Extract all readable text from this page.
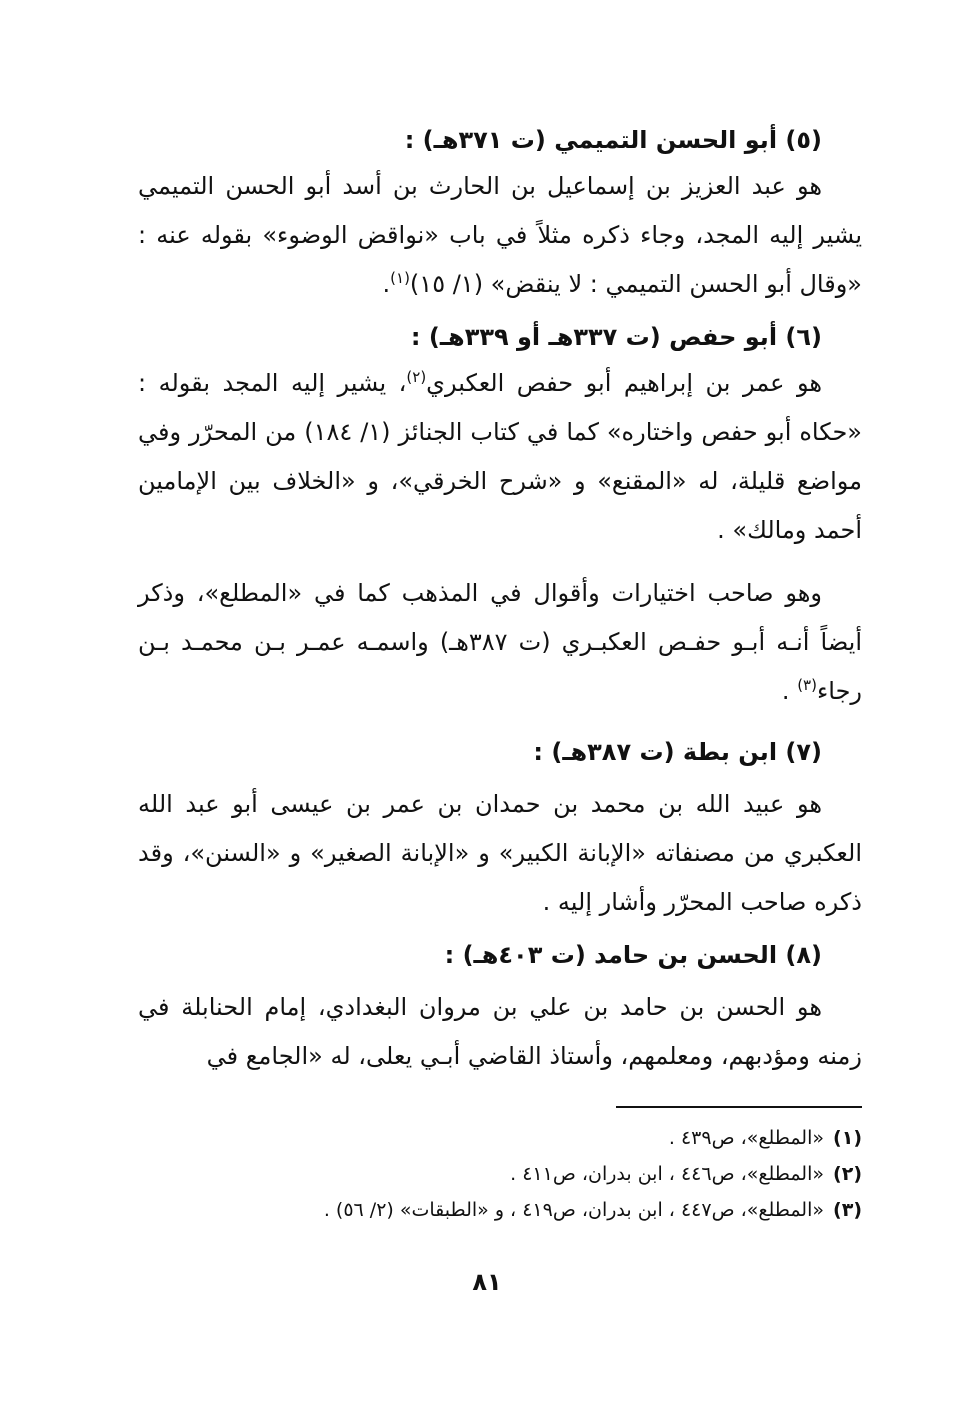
(٥) أبو الحسن التميمي (ت ٣٧١هـ) :

هو عبد العزيز بن إسماعيل بن الحارث بن أسد أبو الحسن التميمي يشير إليه المجد، وجاء ذكره مثلاً في باب «نواقض الوضوء» بقوله عنه : «وقال أبو الحسن التميمي : لا ينقض» (١/ ١٥)$^{(١)}$.

(٦) أبو حفص (ت ٣٣٧هـ أو ٣٣٩هـ) :

هو عمر بن إبراهيم أبو حفص العكبري$^{(٢)}$، يشير إليه المجد بقوله : «حكاه أبو حفص واختاره» كما في كتاب الجنائز (١/ ١٨٤) من المحرّر وفي مواضع قليلة، له «المقنع» و «شرح الخرقي»، و «الخلاف بين الإمامين أحمد ومالك» .

وهو صاحب اختيارات وأقوال في المذهب كما في «المطلع»، وذكر أيضاً أنـه أبـو حفـص العكبـري (ت ٣٨٧هـ) واسمـه عمـر بـن محمـد بـن رجاء$^{(٣)}$ .

(٧) ابن بطة (ت ٣٨٧هـ) :

هو عبيد الله بن محمد بن حمدان بن عمر بن عيسى أبو عبد الله العكبري من مصنفاته «الإبانة الكبير» و «الإبانة الصغير» و «السنن»، وقد ذكره صاحب المحرّر وأشار إليه .

(٨) الحسن بن حامد (ت ٤٠٣هـ) :

هو الحسن بن حامد بن علي بن مروان البغدادي، إمام الحنابلة في زمنه ومؤدبهم، ومعلمهم، وأستاذ القاضي أبـي يعلى، له «الجامع في

(١)«المطلع»، ص٤٣٩ .

(٢)«المطلع»، ص٤٤٦ ، ابن بدران، ص٤١١ .

(٣)«المطلع»، ص٤٤٧ ، ابن بدران، ص٤١٩ ، و «الطبقات» (٢/ ٥٦) .

٨١
